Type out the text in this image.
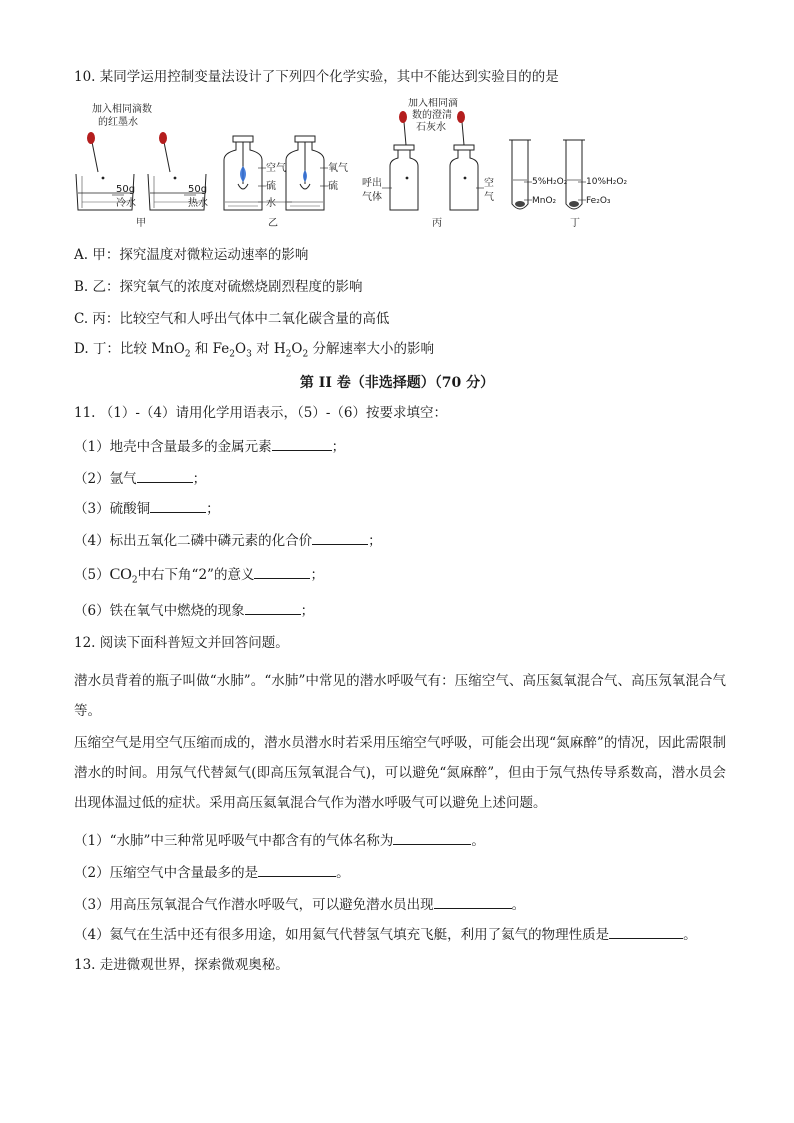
10. 某同学运用控制变量法设计了下列四个化学实验，其中不能达到实验目的的是
加入相同滴数
的红墨水
50g
冷水
50g
热水
甲
空气
硫
氧气
硫
水
乙
加入相同滴
数的澄清
石灰水
呼出
气体
空
气
丙
5%H₂O₂
MnO₂
10%H₂O₂
Fe₂O₃
丁
A. 甲：探究温度对微粒运动速率的影响
B. 乙：探究氧气的浓度对硫燃烧剧烈程度的影响
C. 丙：比较空气和人呼出气体中二氧化碳含量的高低
D. 丁：比较 MnO$_2$ 和 $Fe_2O_3$ 对 $H_2O_2$ 分解速率大小的影响
第 II 卷（非选择题）（70 分）
11. （1）-（4）请用化学用语表示，（5）-（6）按要求填空：
（1）地壳中含量最多的金属元素	；
（2）氩气	；
（3）硫酸铜	；
（4）标出五氧化二磷中磷元素的化合价	；
$(5)CO_2$中右下角“2”的意义	；
（6）铁在氧气中燃烧的现象	；
12. 阅读下面科普短文并回答问题。
潜水员背着的瓶子叫做“水肺”。“水肺”中常见的潜水呼吸气有：压缩空气、高压氦氧混合气、高压氖氧混合气等。
压缩空气是用空气压缩而成的，潜水员潜水时若采用压缩空气呼吸，可能会出现“氮麻醉”的情况，因此需限制潜水的时间。用氖气代替氮气(即高压氖氧混合气)，可以避免“氮麻醉”，但由于氖气热传导系数高，潜水员会出现体温过低的症状。采用高压氦氧混合气作为潜水呼吸气可以避免上述问题。
（1）“水肺”中三种常见呼吸气中都含有的气体名称为	。
（2）压缩空气中含量最多的是	。
（3）用高压氖氧混合气作潜水呼吸气，可以避免潜水员出现	。
（4）氦气在生活中还有很多用途，如用氦气代替氢气填充飞艇，利用了氦气的物理性质是	。
13. 走进微观世界，探索微观奥秘。
